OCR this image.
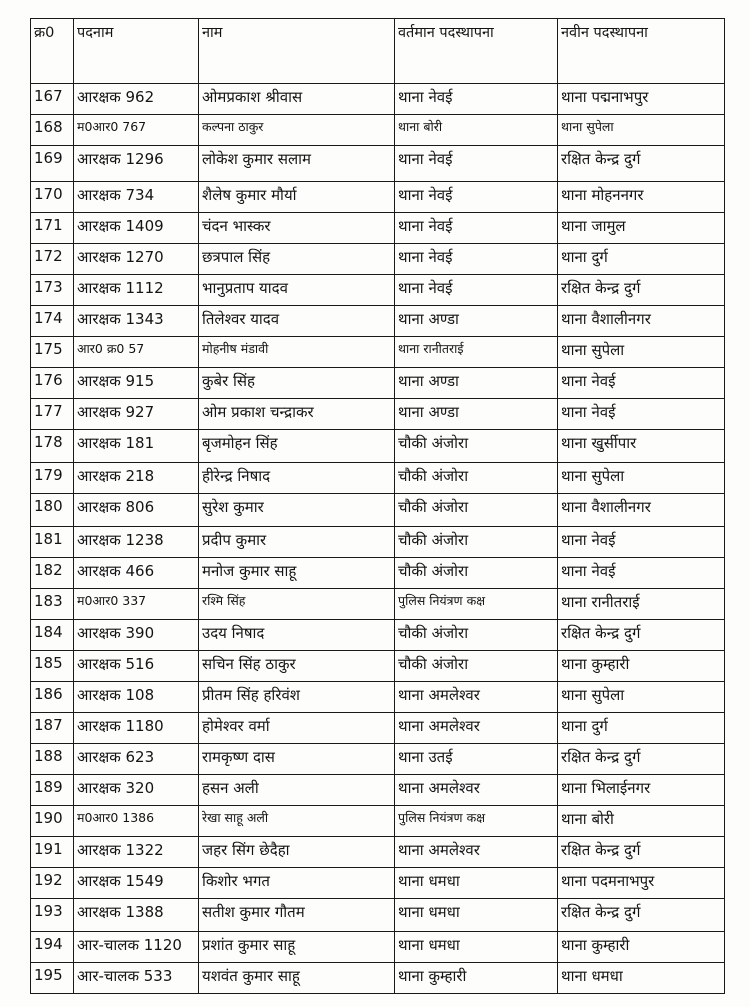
क्र0	पदनाम	नाम	वर्तमान पदस्थापना	नवीन पदस्थापना
167	आरक्षक 962	ओमप्रकाश श्रीवास	थाना नेवई	थाना पद्मनाभपुर
168	म0आर0 767	कल्पना ठाकुर	थाना बोरी	थाना सुपेला
169	आरक्षक 1296	लोकेश कुमार सलाम	थाना नेवई	रक्षित केन्द्र दुर्ग
170	आरक्षक 734	शैलेष कुमार मौर्या	थाना नेवई	थाना मोहननगर
171	आरक्षक 1409	चंदन भास्कर	थाना नेवई	थाना जामुल
172	आरक्षक 1270	छत्रपाल सिंह	थाना नेवई	थाना दुर्ग
173	आरक्षक 1112	भानुप्रताप यादव	थाना नेवई	रक्षित केन्द्र दुर्ग
174	आरक्षक 1343	तिलेश्वर यादव	थाना अण्डा	थाना वैशालीनगर
175	आर0 क्र0 57	मोहनीष मंडावी	थाना रानीतराई	थाना सुपेला
176	आरक्षक 915	कुबेर सिंह	थाना अण्डा	थाना नेवई
177	आरक्षक 927	ओम प्रकाश चन्द्राकर	थाना अण्डा	थाना नेवई
178	आरक्षक 181	बृजमोहन सिंह	चौकी अंजोरा	थाना खुर्सीपार
179	आरक्षक 218	हीरेन्द्र निषाद	चौकी अंजोरा	थाना सुपेला
180	आरक्षक 806	सुरेश कुमार	चौकी अंजोरा	थाना वैशालीनगर
181	आरक्षक 1238	प्रदीप कुमार	चौकी अंजोरा	थाना नेवई
182	आरक्षक 466	मनोज कुमार साहू	चौकी अंजोरा	थाना नेवई
183	म0आर0 337	रश्मि सिंह	पुलिस नियंत्रण कक्ष	थाना रानीतराई
184	आरक्षक 390	उदय निषाद	चौकी अंजोरा	रक्षित केन्द्र दुर्ग
185	आरक्षक 516	सचिन सिंह ठाकुर	चौकी अंजोरा	थाना कुम्हारी
186	आरक्षक 108	प्रीतम सिंह हरिवंश	थाना अमलेश्वर	थाना सुपेला
187	आरक्षक 1180	होमेश्वर वर्मा	थाना अमलेश्वर	थाना दुर्ग
188	आरक्षक 623	रामकृष्ण दास	थाना उतई	रक्षित केन्द्र दुर्ग
189	आरक्षक 320	हसन अली	थाना अमलेश्वर	थाना भिलाईनगर
190	म0आर0 1386	रेखा साहू अली	पुलिस नियंत्रण कक्ष	थाना बोरी
191	आरक्षक 1322	जहर सिंग छेदैहा	थाना अमलेश्वर	रक्षित केन्द्र दुर्ग
192	आरक्षक 1549	किशोर भगत	थाना धमधा	थाना पदमनाभपुर
193	आरक्षक 1388	सतीश कुमार गौतम	थाना धमधा	रक्षित केन्द्र दुर्ग
194	आर-चालक 1120	प्रशांत कुमार साहू	थाना धमधा	थाना कुम्हारी
195	आर-चालक 533	यशवंत कुमार साहू	थाना कुम्हारी	थाना धमधा
